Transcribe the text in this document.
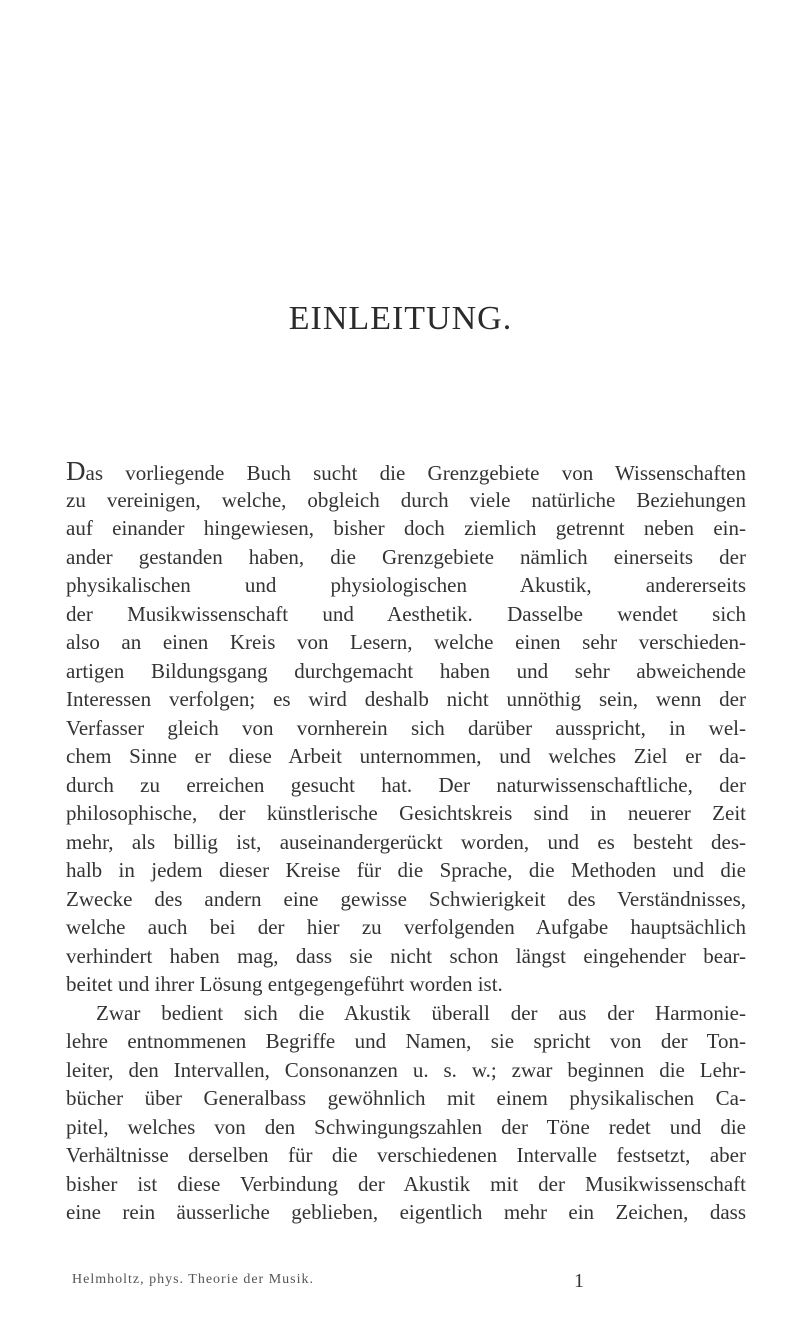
EINLEITUNG.
Das vorliegende Buch sucht die Grenzgebiete von Wissenschaften
zu vereinigen, welche, obgleich durch viele natürliche Beziehungen
auf einander hingewiesen, bisher doch ziemlich getrennt neben ein-
ander gestanden haben, die Grenzgebiete nämlich einerseits der
physikalischen und physiologischen Akustik, andererseits
der Musikwissenschaft und Aesthetik. Dasselbe wendet sich
also an einen Kreis von Lesern, welche einen sehr verschieden-
artigen Bildungsgang durchgemacht haben und sehr abweichende
Interessen verfolgen; es wird deshalb nicht unnöthig sein, wenn der
Verfasser gleich von vornherein sich darüber ausspricht, in wel-
chem Sinne er diese Arbeit unternommen, und welches Ziel er da-
durch zu erreichen gesucht hat. Der naturwissenschaftliche, der
philosophische, der künstlerische Gesichtskreis sind in neuerer Zeit
mehr, als billig ist, auseinandergerückt worden, und es besteht des-
halb in jedem dieser Kreise für die Sprache, die Methoden und die
Zwecke des andern eine gewisse Schwierigkeit des Verständnisses,
welche auch bei der hier zu verfolgenden Aufgabe hauptsächlich
verhindert haben mag, dass sie nicht schon längst eingehender bear-
beitet und ihrer Lösung entgegengeführt worden ist.
Zwar bedient sich die Akustik überall der aus der Harmonie-
lehre entnommenen Begriffe und Namen, sie spricht von der Ton-
leiter, den Intervallen, Consonanzen u. s. w.; zwar beginnen die Lehr-
bücher über Generalbass gewöhnlich mit einem physikalischen Ca-
pitel, welches von den Schwingungszahlen der Töne redet und die
Verhältnisse derselben für die verschiedenen Intervalle festsetzt, aber
bisher ist diese Verbindung der Akustik mit der Musikwissenschaft
eine rein äusserliche geblieben, eigentlich mehr ein Zeichen, dass
Helmholtz, phys. Theorie der Musik.	1
